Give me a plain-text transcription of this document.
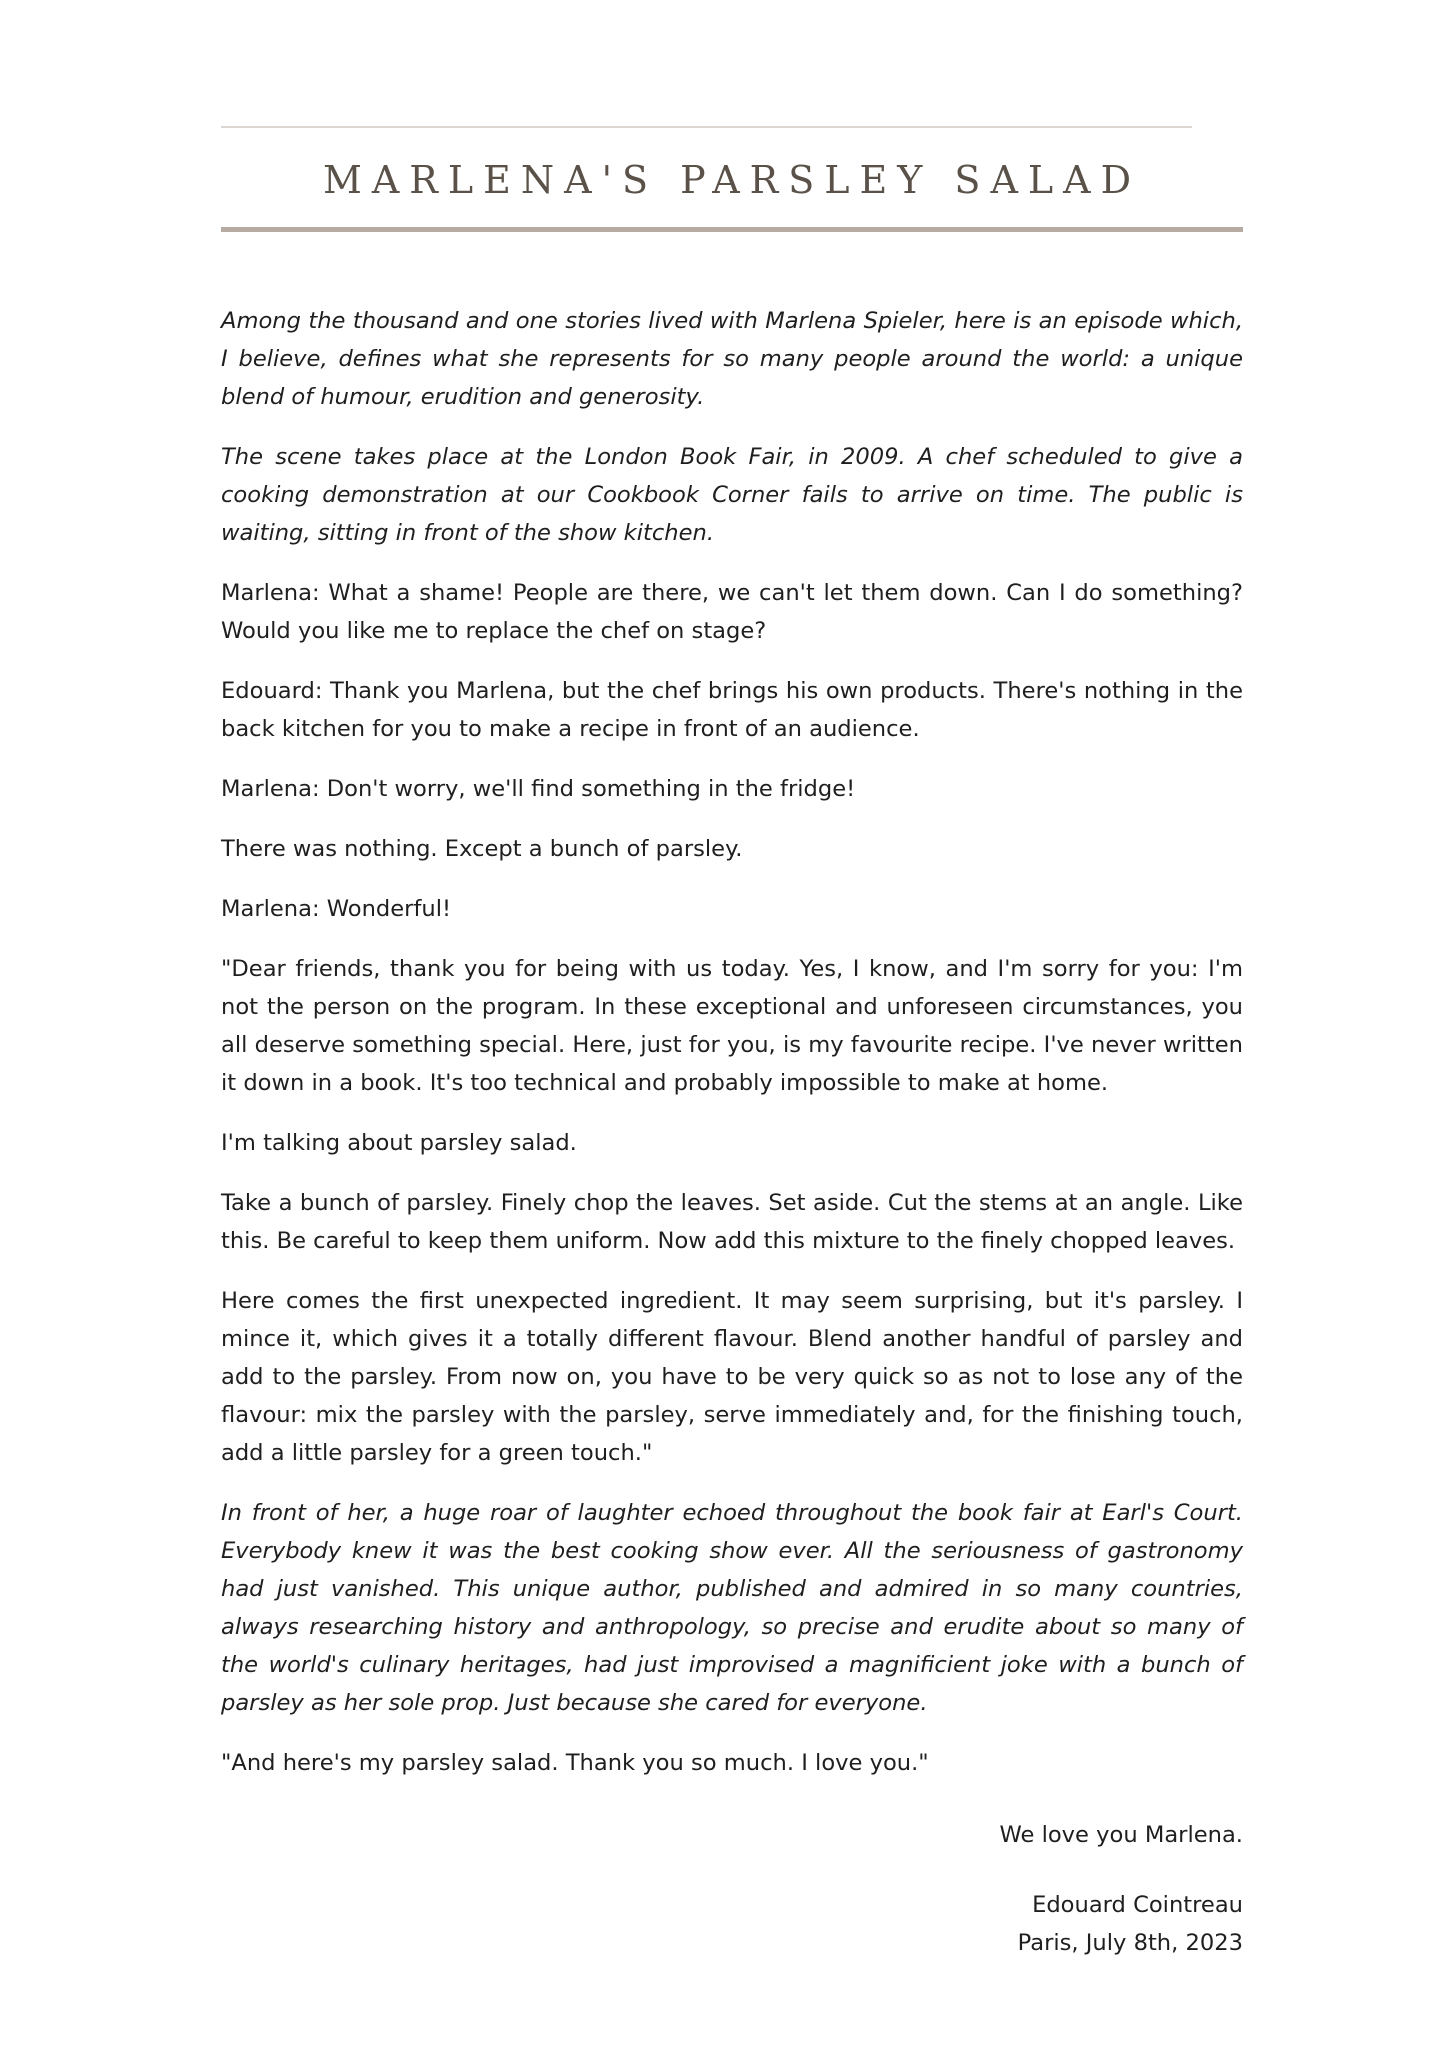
MARLENA'S PARSLEY SALAD

Among the thousand and one stories lived with Marlena Spieler, here is an episode which, I believe, defines what she represents for so many people around the world: a unique blend of humour, erudition and generosity.

The scene takes place at the London Book Fair, in 2009. A chef scheduled to give a cooking demonstration at our Cookbook Corner fails to arrive on time. The public is waiting, sitting in front of the show kitchen.

Marlena: What a shame! People are there, we can't let them down. Can I do something? Would you like me to replace the chef on stage?

Edouard: Thank you Marlena, but the chef brings his own products. There's nothing in the back kitchen for you to make a recipe in front of an audience.

Marlena: Don't worry, we'll find something in the fridge!

There was nothing. Except a bunch of parsley.

Marlena: Wonderful!

"Dear friends, thank you for being with us today. Yes, I know, and I'm sorry for you: I'm not the person on the program. In these exceptional and unforeseen circumstances, you all deserve something special. Here, just for you, is my favourite recipe. I've never written it down in a book. It's too technical and probably impossible to make at home.

I'm talking about parsley salad.

Take a bunch of parsley. Finely chop the leaves. Set aside. Cut the stems at an angle. Like this. Be careful to keep them uniform. Now add this mixture to the finely chopped leaves.

Here comes the first unexpected ingredient. It may seem surprising, but it's parsley. I mince it, which gives it a totally different flavour. Blend another handful of parsley and add to the parsley. From now on, you have to be very quick so as not to lose any of the flavour: mix the parsley with the parsley, serve immediately and, for the finishing touch, add a little parsley for a green touch."

In front of her, a huge roar of laughter echoed throughout the book fair at Earl's Court. Everybody knew it was the best cooking show ever. All the seriousness of gastronomy had just vanished. This unique author, published and admired in so many countries, always researching history and anthropology, so precise and erudite about so many of the world's culinary heritages, had just improvised a magnificient joke with a bunch of parsley as her sole prop. Just because she cared for everyone.

"And here's my parsley salad. Thank you so much. I love you."

We love you Marlena.

Edouard Cointreau

Paris, July 8th, 2023
